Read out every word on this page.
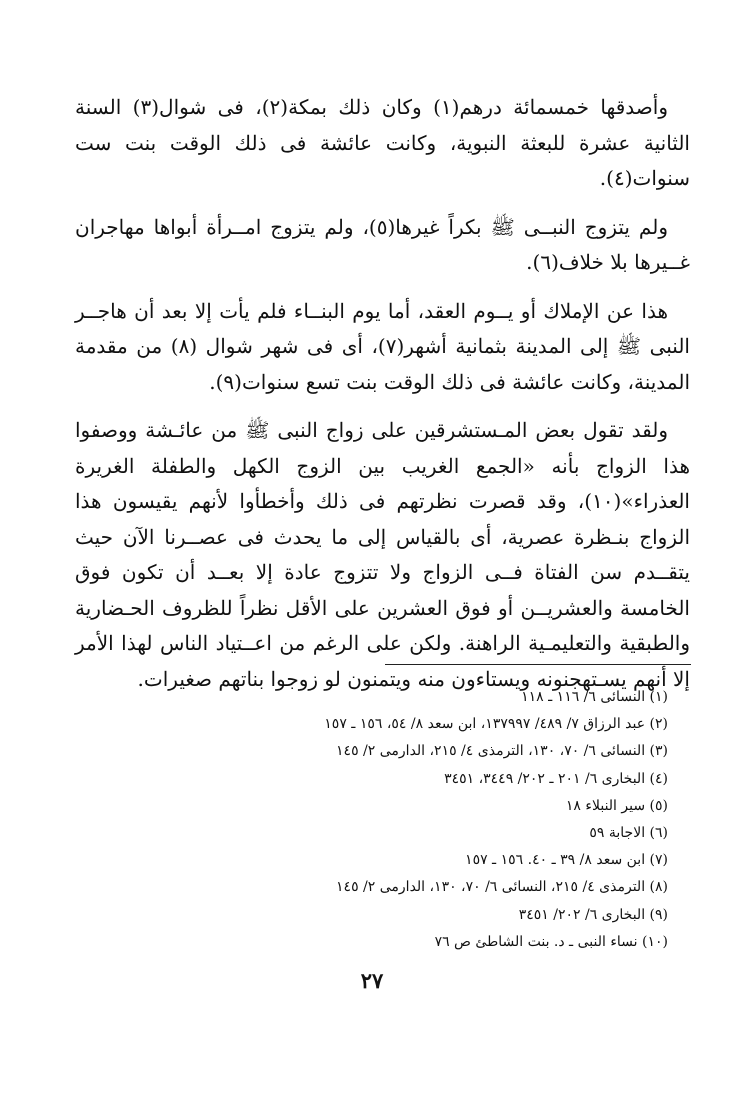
وأصدقها خمسمائة درهم(١) وكان ذلك بمكة(٢)، فى شوال(٣) السنة الثانية عشرة للبعثة النبوية، وكانت عائشة فى ذلك الوقت بنت ست سنوات(٤).

ولم يتزوج النبــى ﷺ بكراً غيرها(٥)، ولم يتزوج امــرأة أبواها مهاجران غــيرها بلا خلاف(٦).

هذا عن الإملاك أو يــوم العقد، أما يوم البنــاء فلم يأت إلا بعد أن هاجــر النبى ﷺ إلى المدينة بثمانية أشهر(٧)، أى فى شهر شوال (٨) من مقدمة المدينة، وكانت عائشة فى ذلك الوقت بنت تسع سنوات(٩).

ولقد تقول بعض المـستشرقين على زواج النبى ﷺ من عائـشة ووصفوا هذا الزواج بأنه «الجمع الغريب بين الزوج الكهل والطفلة الغريرة العذراء»(١٠)، وقد قصرت نظرتهم فى ذلك وأخطأوا لأنهم يقيسون هذا الزواج بنـظرة عصرية، أى بالقياس إلى ما يحدث فى عصــرنا الآن حيث يتقــدم سن الفتاة فــى الزواج ولا تتزوج عادة إلا بعــد أن تكون فوق الخامسة والعشريــن أو فوق العشرين على الأقل نظراً للظروف الحـضارية والطبقية والتعليمـية الراهنة. ولكن على الرغم من اعــتياد الناس لهذا الأمر إلا أنهم يسـتهجنونه ويستاءون منه ويتمنون لو زوجوا بناتهم صغيرات.

(١) النسائى ٦/ ١١٦ ـ ١١٨
(٢) عبد الرزاق ٧/ ٤٨٩/ ١٣٧٩٩٧، ابن سعد ٨/ ٥٤، ١٥٦ ـ ١٥٧
(٣) النسائى ٦/ ٧٠، ١٣٠، الترمذى ٤/ ٢١٥، الدارمى ٢/ ١٤٥
(٤) البخارى ٦/ ٢٠١ ـ ٢٠٢/ ٣٤٤٩، ٣٤٥١
(٥) سير النبلاء ١٨
(٦) الاجابة ٥٩
(٧) ابن سعد ٨/ ٣٩ ـ ٤٠. ١٥٦ ـ ١٥٧
(٨) الترمذى ٤/ ٢١٥، النسائى ٦/ ٧٠، ١٣٠، الدارمى ٢/ ١٤٥
(٩) البخارى ٦/ ٢٠٢/ ٣٤٥١
(١٠) نساء النبى ـ د. بنت الشاطئ ص ٧٦
٢٧
